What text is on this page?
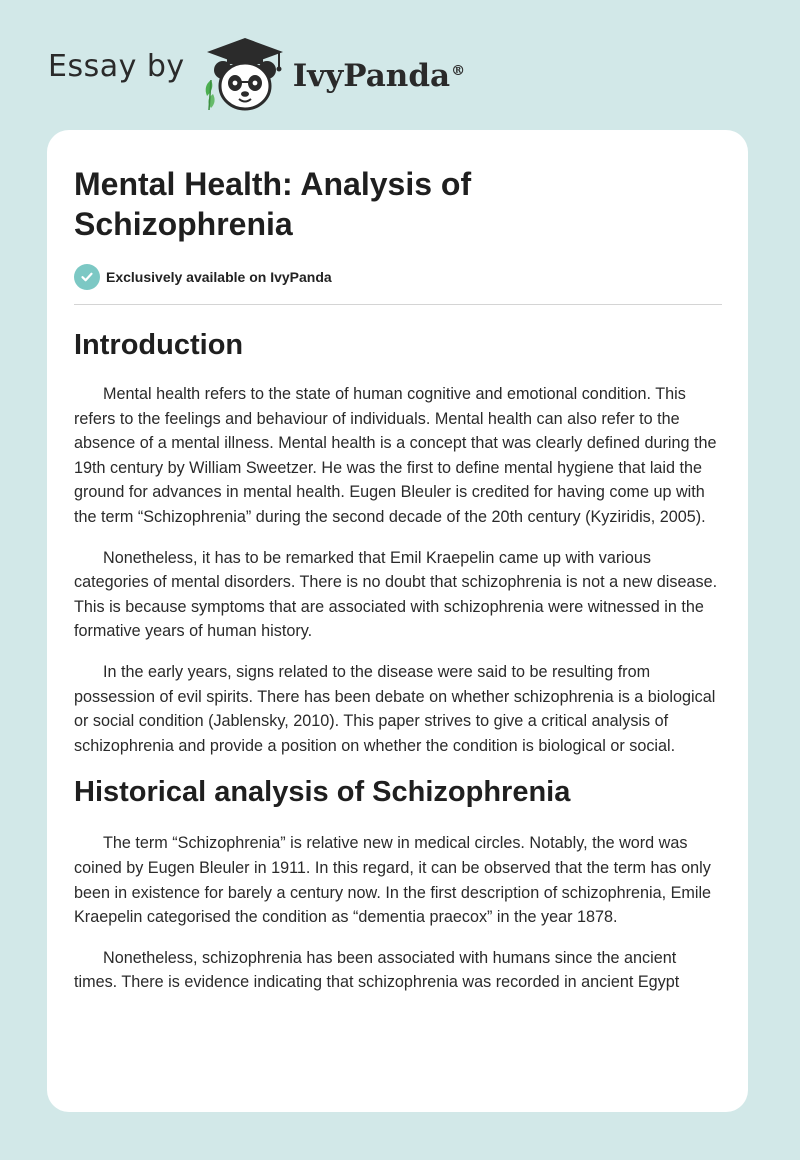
Essay by	IvyPanda®
Mental Health: Analysis of Schizophrenia
Exclusively available on IvyPanda
Introduction

Mental health refers to the state of human cognitive and emotional condition. This refers to the feelings and behaviour of individuals. Mental health can also refer to the absence of a mental illness. Mental health is a concept that was clearly defined during the 19th century by William Sweetzer. He was the first to define mental hygiene that laid the ground for advances in mental health. Eugen Bleuler is credited for having come up with the term “Schizophrenia” during the second decade of the 20th century (Kyziridis, 2005).

Nonetheless, it has to be remarked that Emil Kraepelin came up with various categories of mental disorders. There is no doubt that schizophrenia is not a new disease. This is because symptoms that are associated with schizophrenia were witnessed in the formative years of human history.

In the early years, signs related to the disease were said to be resulting from possession of evil spirits. There has been debate on whether schizophrenia is a biological or social condition (Jablensky, 2010). This paper strives to give a critical analysis of schizophrenia and provide a position on whether the condition is biological or social.

Historical analysis of Schizophrenia

The term “Schizophrenia” is relative new in medical circles. Notably, the word was coined by Eugen Bleuler in 1911. In this regard, it can be observed that the term has only been in existence for barely a century now. In the first description of schizophrenia, Emile Kraepelin categorised the condition as “dementia praecox” in the year 1878.

Nonetheless, schizophrenia has been associated with humans since the ancient times. There is evidence indicating that schizophrenia was recorded in ancient Egypt
